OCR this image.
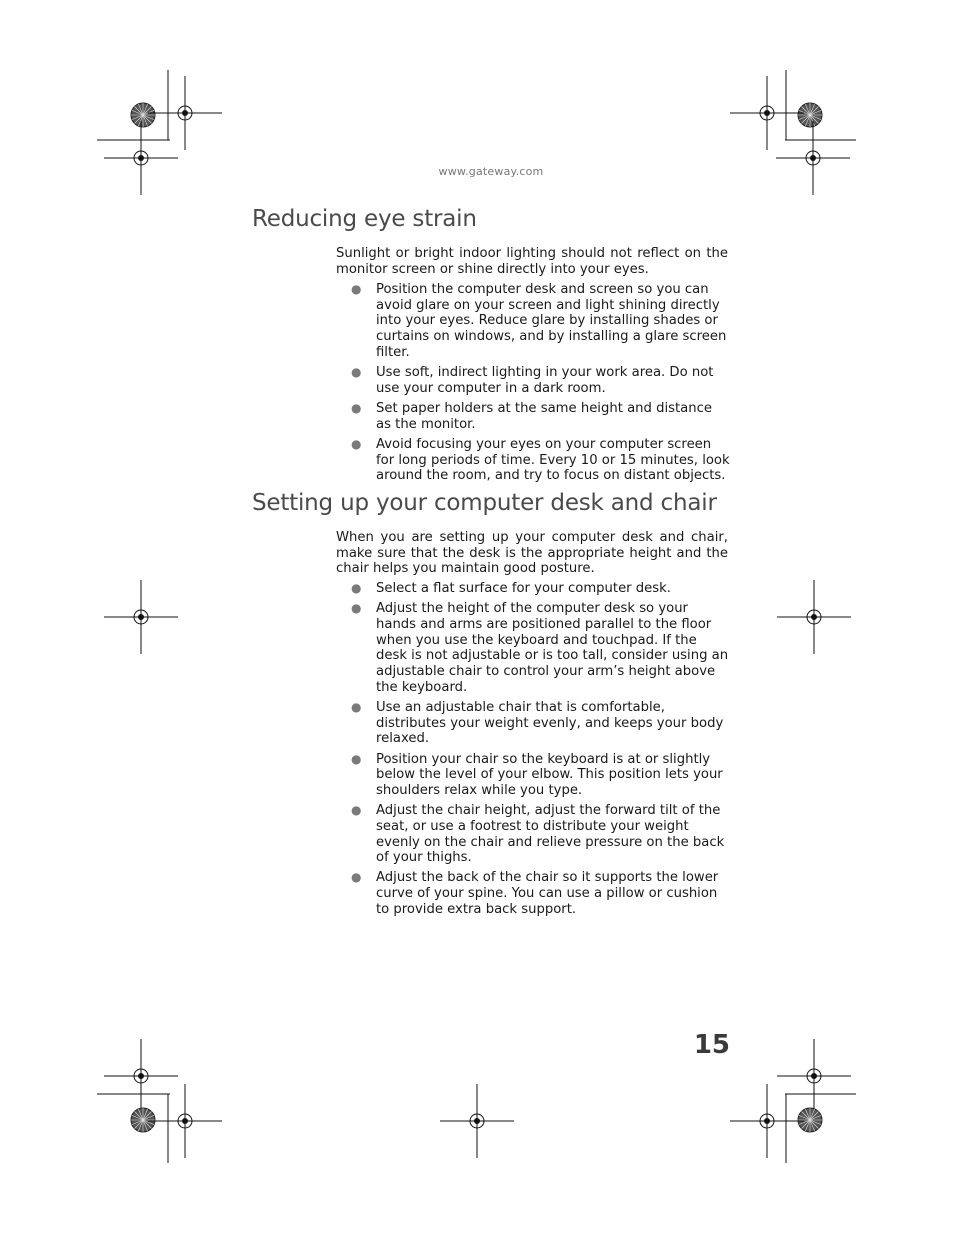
www.gateway.com
Reducing eye strain

Sunlight or bright indoor lighting should not reflect on the monitor screen or shine directly into your eyes.

● Position the computer desk and screen so you can avoid glare on your screen and light shining directly into your eyes. Reduce glare by installing shades or curtains on windows, and by installing a glare screen filter.
● Use soft, indirect lighting in your work area. Do not use your computer in a dark room.
● Set paper holders at the same height and distance as the monitor.
● Avoid focusing your eyes on your computer screen for long periods of time. Every 10 or 15 minutes, look around the room, and try to focus on distant objects.
Setting up your computer desk and chair

When you are setting up your computer desk and chair, make sure that the desk is the appropriate height and the chair helps you maintain good posture.

● Select a flat surface for your computer desk.
● Adjust the height of the computer desk so your hands and arms are positioned parallel to the floor when you use the keyboard and touchpad. If the desk is not adjustable or is too tall, consider using an adjustable chair to control your arm’s height above the keyboard.
● Use an adjustable chair that is comfortable, distributes your weight evenly, and keeps your body relaxed.
● Position your chair so the keyboard is at or slightly below the level of your elbow. This position lets your shoulders relax while you type.
● Adjust the chair height, adjust the forward tilt of the seat, or use a footrest to distribute your weight evenly on the chair and relieve pressure on the back of your thighs.
● Adjust the back of the chair so it supports the lower curve of your spine. You can use a pillow or cushion to provide extra back support.

15
